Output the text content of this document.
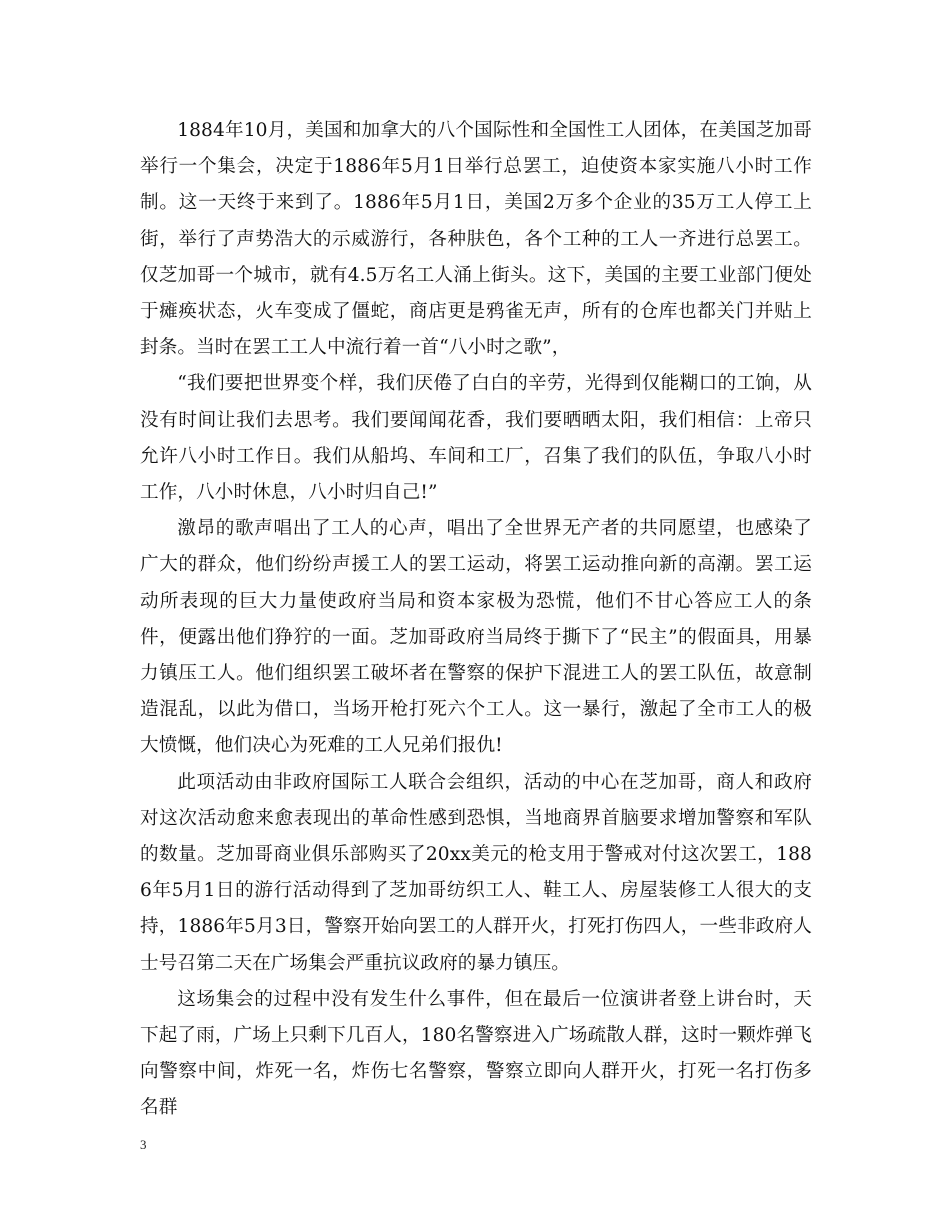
1884年10月，美国和加拿大的八个国际性和全国性工人团体，在美国芝加哥举行一个集会，决定于1886年5月1日举行总罢工，迫使资本家实施八小时工作制。这一天终于来到了。1886年5月1日，美国2万多个企业的35万工人停工上街，举行了声势浩大的示威游行，各种肤色，各个工种的工人一齐进行总罢工。仅芝加哥一个城市，就有4.5万名工人涌上街头。这下，美国的主要工业部门便处于瘫痪状态，火车变成了僵蛇，商店更是鸦雀无声，所有的仓库也都关门并贴上封条。当时在罢工工人中流行着一首“八小时之歌”，

“我们要把世界变个样，我们厌倦了白白的辛劳，光得到仅能糊口的工饷，从没有时间让我们去思考。我们要闻闻花香，我们要晒晒太阳，我们相信：上帝只允许八小时工作日。我们从船坞、车间和工厂，召集了我们的队伍，争取八小时工作，八小时休息，八小时归自己!”

激昂的歌声唱出了工人的心声，唱出了全世界无产者的共同愿望，也感染了广大的群众，他们纷纷声援工人的罢工运动，将罢工运动推向新的高潮。罢工运动所表现的巨大力量使政府当局和资本家极为恐慌，他们不甘心答应工人的条件，便露出他们狰狞的一面。芝加哥政府当局终于撕下了“民主”的假面具，用暴力镇压工人。他们组织罢工破坏者在警察的保护下混进工人的罢工队伍，故意制造混乱，以此为借口，当场开枪打死六个工人。这一暴行，激起了全市工人的极大愤慨，他们决心为死难的工人兄弟们报仇!

此项活动由非政府国际工人联合会组织，活动的中心在芝加哥，商人和政府对这次活动愈来愈表现出的革命性感到恐惧，当地商界首脑要求增加警察和军队的数量。芝加哥商业俱乐部购买了20xx美元的枪支用于警戒对付这次罢工，1886年5月1日的游行活动得到了芝加哥纺织工人、鞋工人、房屋装修工人很大的支持，1886年5月3日，警察开始向罢工的人群开火，打死打伤四人，一些非政府人士号召第二天在广场集会严重抗议政府的暴力镇压。

这场集会的过程中没有发生什么事件，但在最后一位演讲者登上讲台时，天下起了雨，广场上只剩下几百人，180名警察进入广场疏散人群，这时一颗炸弹飞向警察中间，炸死一名，炸伤七名警察，警察立即向人群开火，打死一名打伤多名群

3
